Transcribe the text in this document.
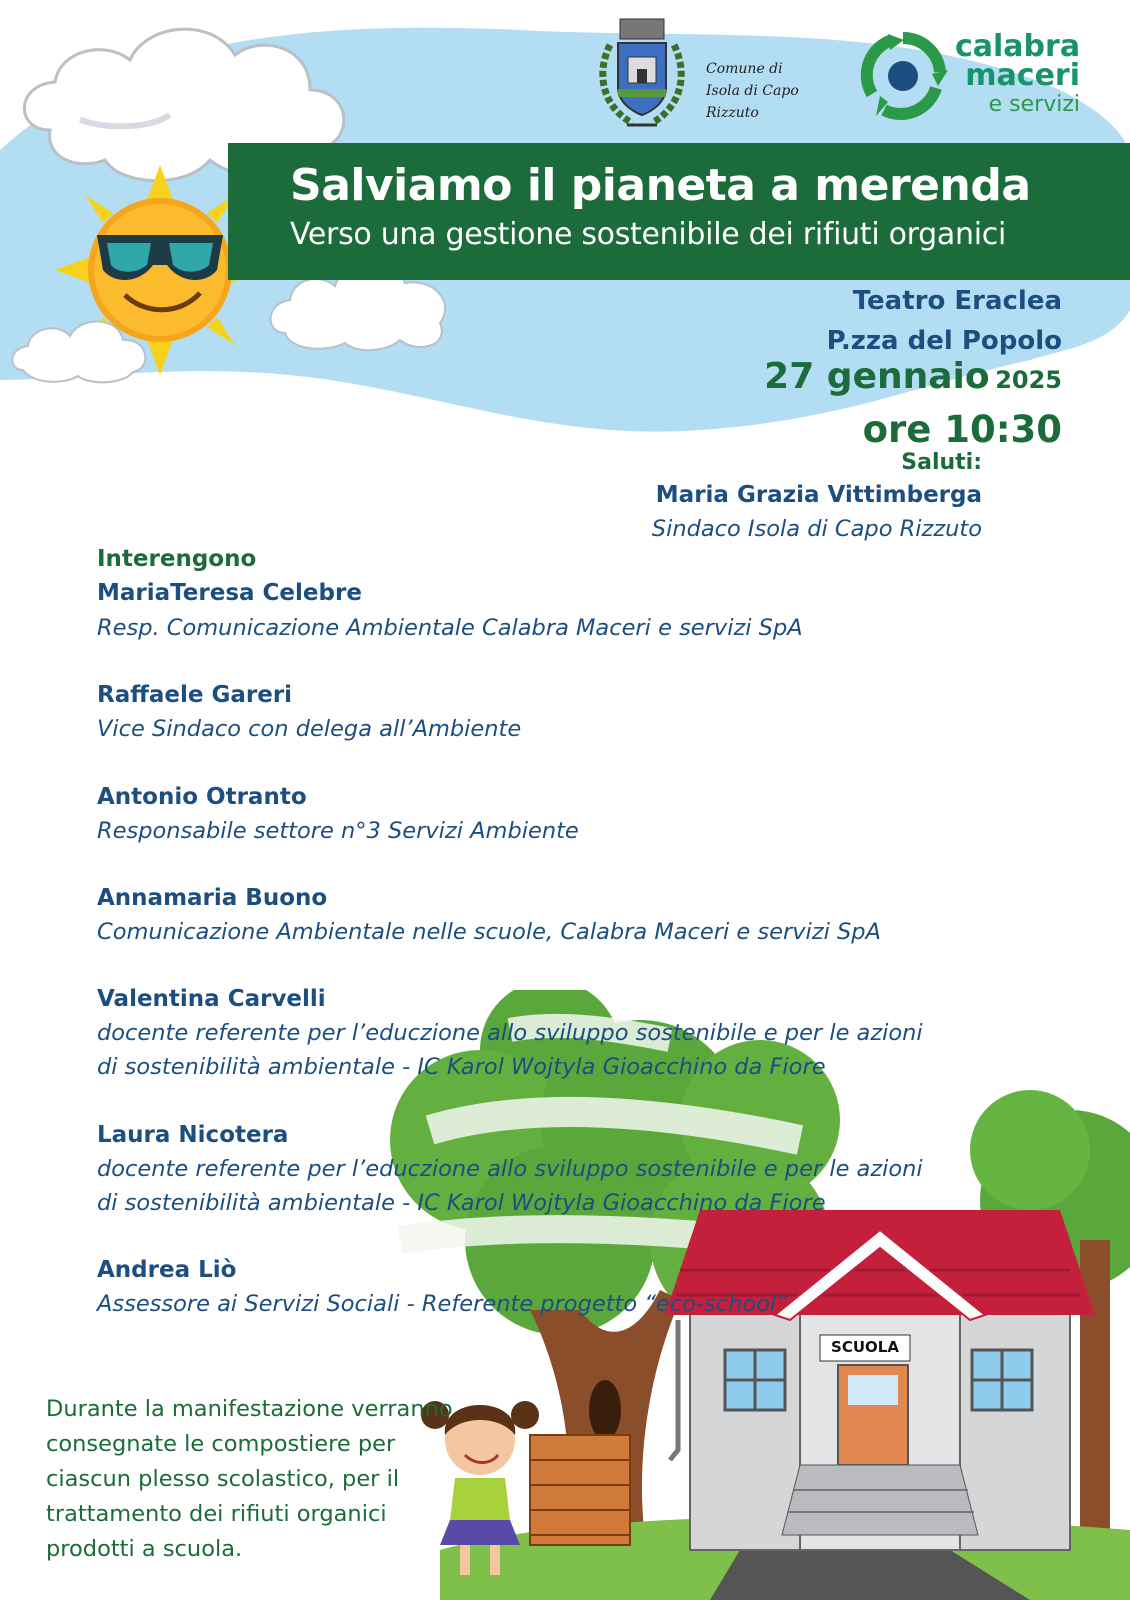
Salviamo il pianeta a merenda
Verso una gestione sostenibile dei rifiuti organici
Comune di
Isola di Capo Rizzuto
calabra
maceri
e servizi
Teatro Eraclea
P.zza del Popolo
27 gennaio 2025
ore 10:30
Saluti:
Maria Grazia Vittimberga
Sindaco Isola di Capo Rizzuto
SCUOLA
Interengono
MariaTeresa Celebre
Resp. Comunicazione Ambientale Calabra Maceri e servizi SpA
Raffaele Gareri
Vice Sindaco con delega all’Ambiente
Antonio Otranto
Responsabile settore n°3 Servizi Ambiente
Annamaria Buono
Comunicazione Ambientale nelle scuole, Calabra Maceri e servizi SpA
Valentina Carvelli
docente referente per l’educzione allo sviluppo sostenibile e per le azioni
di sostenibilità ambientale - IC Karol Wojtyla Gioacchino da Fiore
Laura Nicotera
docente referente per l’educzione allo sviluppo sostenibile e per le azioni
di sostenibilità ambientale - IC Karol Wojtyla Gioacchino da Fiore
Andrea Liò
Assessore ai Servizi Sociali - Referente progetto “eco-school”
Durante la manifestazione verranno consegnate le compostiere per ciascun plesso scolastico, per il trattamento dei rifiuti organici prodotti a scuola.
